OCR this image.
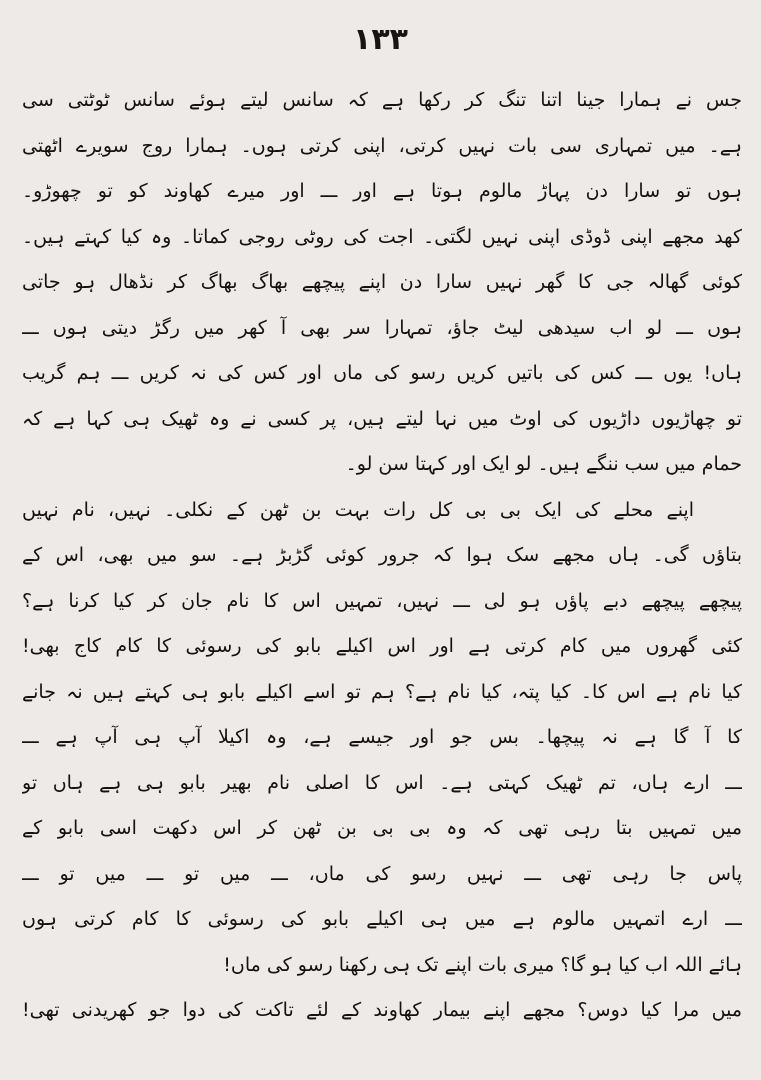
۱۳۳
جس نے ہمارا جینا اتنا تنگ کر رکھا ہے کہ سانس لیتے ہوئے سانس ٹوٹتی سی
ہے۔ میں تمہاری سی بات نہیں کرتی، اپنی کرتی ہوں۔ ہمارا روج سویرے اٹھتی
ہوں تو سارا دن پہاڑ مالوم ہوتا ہے اور ـــ اور میرے کھاوند کو تو چھوڑو۔
کھد مجھے اپنی ڈوڈی اپنی نہیں لگتی۔ اجت کی روٹی روجی کماتا۔ وہ کیا کہتے ہیں۔
کوئی گھالہ جی کا گھر نہیں سارا دن اپنے پیچھے بھاگ بھاگ کر نڈھال ہو جاتی
ہوں ـــ لو اب سیدھی لیٹ جاؤ، تمہارا سر بھی آ کھر میں رگڑ دیتی ہوں ـــ
ہاں! یوں ـــ کس کی باتیں کریں رسو کی ماں اور کس کی نہ کریں ـــ ہم گریب
تو چھاڑیوں داڑیوں کی اوٹ میں نہا لیتے ہیں، پر کسی نے وہ ٹھیک ہی کہا ہے کہ
حمام میں سب ننگے ہیں۔ لو ایک اور کہتا سن لو۔
اپنے محلے کی ایک بی بی کل رات بہت بن ٹھن کے نکلی۔ نہیں، نام نہیں
بتاؤں گی۔ ہاں مجھے سک ہوا کہ جرور کوئی گڑبڑ ہے۔ سو میں بھی، اس کے
پیچھے پیچھے دبے پاؤں ہو لی ـــ نہیں، تمہیں اس کا نام جان کر کیا کرنا ہے؟
کئی گھروں میں کام کرتی ہے اور اس اکیلے بابو کی رسوئی کا کام کاج بھی!
کیا نام ہے اس کا۔ کیا پتہ، کیا نام ہے؟ ہم تو اسے اکیلے بابو ہی کہتے ہیں نہ جانے
کا آ گا ہے نہ پیچھا۔ بس جو اور جیسے ہے، وہ اکیلا آپ ہی آپ ہے ـــ
ـــ ارے ہاں، تم ٹھیک کہتی ہے۔ اس کا اصلی نام بھیر بابو ہی ہے ہاں تو
میں تمہیں بتا رہی تھی کہ وہ بی بی بن ٹھن کر اس دکھت اسی بابو کے
پاس جا رہی تھی ـــ نہیں رسو کی ماں، ـــ میں تو ـــ میں تو ـــ
ـــ ارے اتمہیں مالوم ہے میں ہی اکیلے بابو کی رسوئی کا کام کرتی ہوں
ہائے اللہ اب کیا ہو گا؟ میری بات اپنے تک ہی رکھنا رسو کی ماں!
میں مرا کیا دوس؟ مجھے اپنے بیمار کھاوند کے لئے تاکت کی دوا جو کھریدنی تھی!
